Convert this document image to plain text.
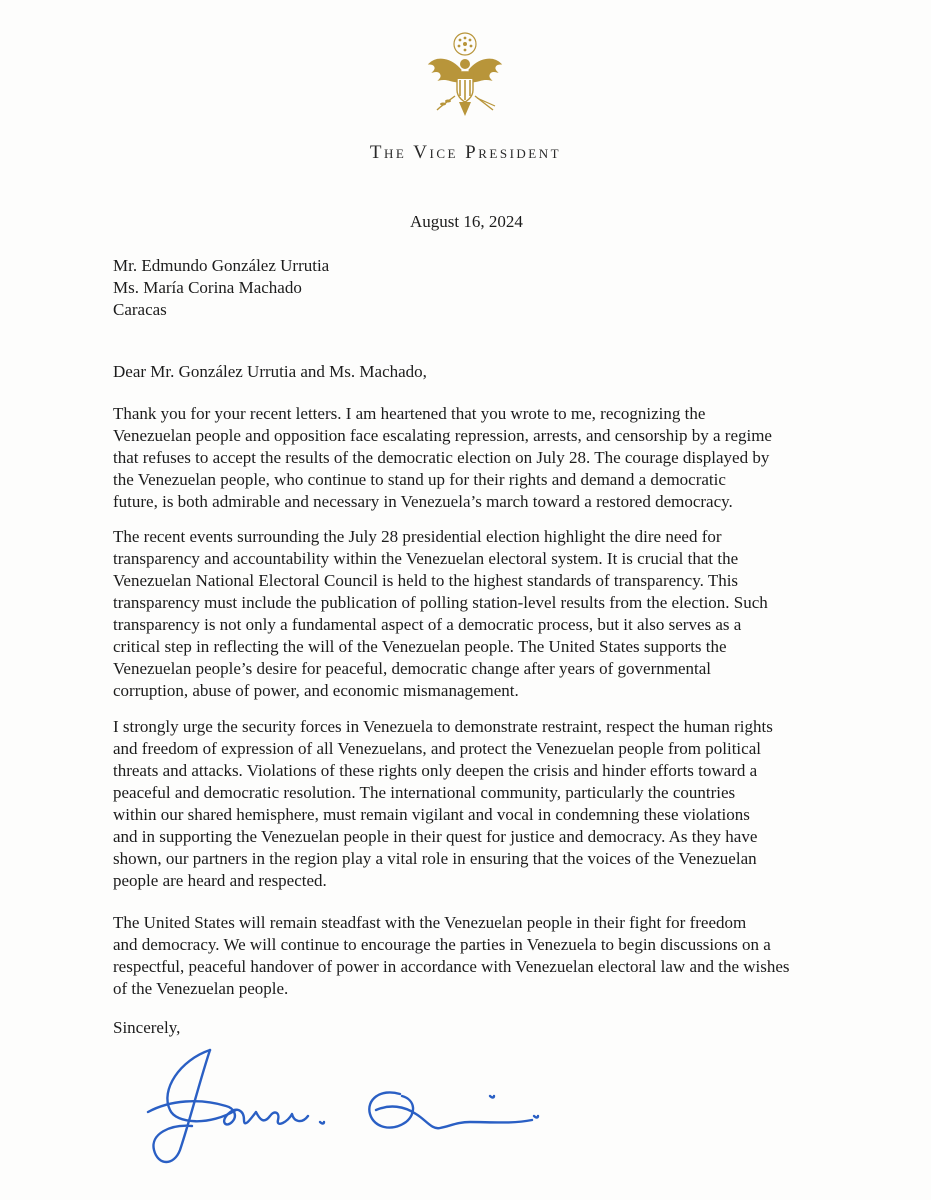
The Vice President
August 16, 2024
Mr. Edmundo González Urrutia
Ms. María Corina Machado
Caracas
Dear Mr. González Urrutia and Ms. Machado,

Thank you for your recent letters. I am heartened that you wrote to me, recognizing the
Venezuelan people and opposition face escalating repression, arrests, and censorship by a regime
that refuses to accept the results of the democratic election on July 28. The courage displayed by
the Venezuelan people, who continue to stand up for their rights and demand a democratic
future, is both admirable and necessary in Venezuela’s march toward a restored democracy.

The recent events surrounding the July 28 presidential election highlight the dire need for
transparency and accountability within the Venezuelan electoral system. It is crucial that the
Venezuelan National Electoral Council is held to the highest standards of transparency. This
transparency must include the publication of polling station-level results from the election. Such
transparency is not only a fundamental aspect of a democratic process, but it also serves as a
critical step in reflecting the will of the Venezuelan people. The United States supports the
Venezuelan people’s desire for peaceful, democratic change after years of governmental
corruption, abuse of power, and economic mismanagement.

I strongly urge the security forces in Venezuela to demonstrate restraint, respect the human rights
and freedom of expression of all Venezuelans, and protect the Venezuelan people from political
threats and attacks. Violations of these rights only deepen the crisis and hinder efforts toward a
peaceful and democratic resolution. The international community, particularly the countries
within our shared hemisphere, must remain vigilant and vocal in condemning these violations
and in supporting the Venezuelan people in their quest for justice and democracy. As they have
shown, our partners in the region play a vital role in ensuring that the voices of the Venezuelan
people are heard and respected.

The United States will remain steadfast with the Venezuelan people in their fight for freedom
and democracy. We will continue to encourage the parties in Venezuela to begin discussions on a
respectful, peaceful handover of power in accordance with Venezuelan electoral law and the wishes
of the Venezuelan people.

Sincerely,
